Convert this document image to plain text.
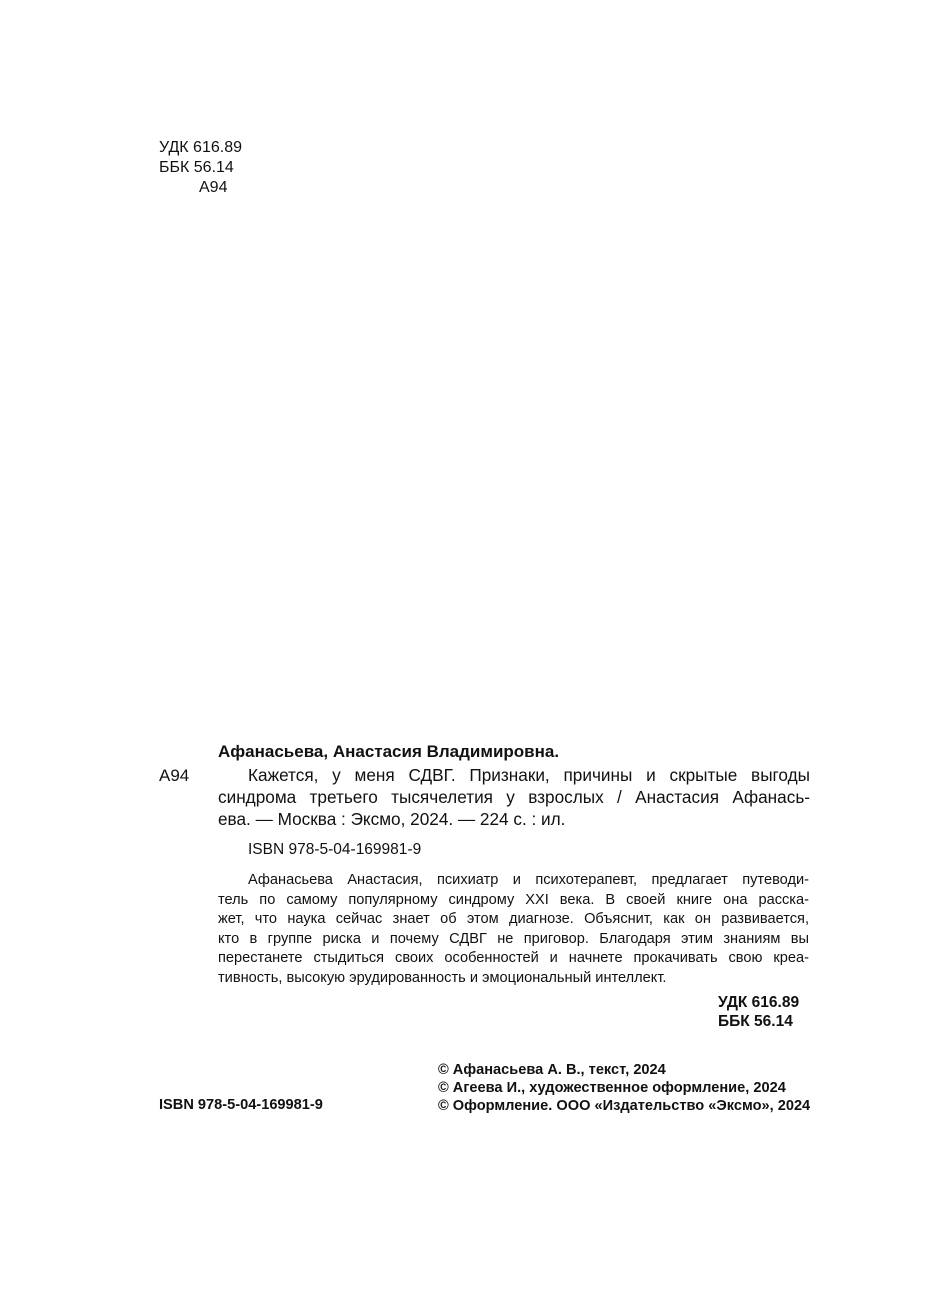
УДК 616.89
ББК 56.14
А94
Афанасьева, Анастасия Владимировна.
А94	Кажется, у меня СДВГ. Признаки, причины и скрытые выгоды
синдрома третьего тысячелетия у взрослых / Анастасия Афанась-
ева. — Москва : Эксмо, 2024. — 224 с. : ил.
ISBN 978-5-04-169981-9
Афанасьева Анастасия, психиатр и психотерапевт, предлагает путеводи-
тель по самому популярному синдрому XXI века. В своей книге она расска-
жет, что наука сейчас знает об этом диагнозе. Объяснит, как он развивается,
кто в группе риска и почему СДВГ не приговор. Благодаря этим знаниям вы
перестанете стыдиться своих особенностей и начнете прокачивать свою креа-
тивность, высокую эрудированность и эмоциональный интеллект.
УДК 616.89
ББК 56.14
ISBN 978-5-04-169981-9
© Афанасьева А. В., текст, 2024
© Агеева И., художественное оформление, 2024
© Оформление. ООО «Издательство «Эксмо», 2024
